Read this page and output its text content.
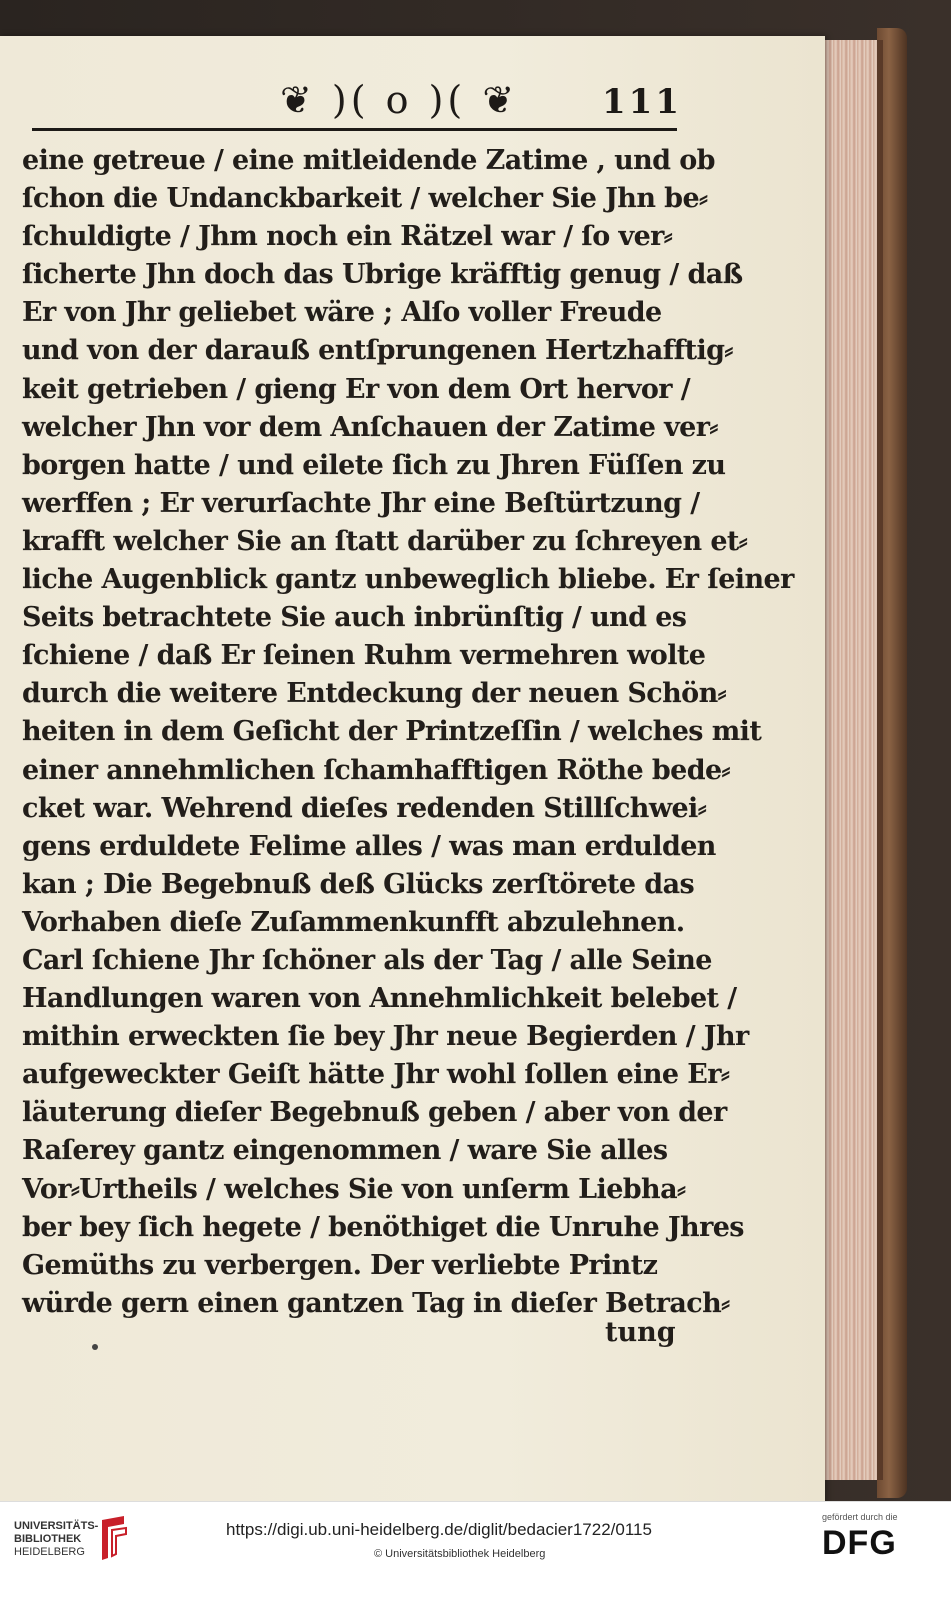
❦ )( o )( ❦ 111
eine getreue / eine mitleidende Zatime , und ob
ſchon die Undanckbarkeit / welcher Sie Jhn be⸗
ſchuldigte / Jhm noch ein Rätzel war / ſo ver⸗
ſicherte Jhn doch das Ubrige kräfftig genug / daß
Er von Jhr geliebet wäre ; Alſo voller Freude
und von der darauß entſprungenen Hertzhafftig⸗
keit getrieben / gieng Er von dem Ort hervor /
welcher Jhn vor dem Anſchauen der Zatime ver⸗
borgen hatte / und eilete ſich zu Jhren Füſſen zu
werffen ; Er verurſachte Jhr eine Beſtürtzung /
krafft welcher Sie an ſtatt darüber zu ſchreyen et⸗
liche Augenblick gantz unbeweglich bliebe. Er ſeiner
Seits betrachtete Sie auch inbrünſtig / und es
ſchiene / daß Er ſeinen Ruhm vermehren wolte
durch die weitere Entdeckung der neuen Schön⸗
heiten in dem Geſicht der Printzeſſin / welches mit
einer annehmlichen ſchamhafftigen Röthe bede⸗
cket war. Wehrend dieſes redenden Stillſchwei⸗
gens erduldete Felime alles / was man erdulden
kan ; Die Begebnuß deß Glücks zerſtörete das
Vorhaben dieſe Zuſammenkunfft abzulehnen.
Carl ſchiene Jhr ſchöner als der Tag / alle Seine
Handlungen waren von Annehmlichkeit belebet /
mithin erweckten ſie bey Jhr neue Begierden / Jhr
aufgeweckter Geiſt hätte Jhr wohl ſollen eine Er⸗
läuterung dieſer Begebnuß geben / aber von der
Raſerey gantz eingenommen / ware Sie alles
Vor⸗Urtheils / welches Sie von unſerm Liebha⸗
ber bey ſich hegete / benöthiget die Unruhe Jhres
Gemüths zu verbergen. Der verliebte Printz
würde gern einen gantzen Tag in dieſer Betrach⸗
tung
UNIVERSITÄTS-
BIBLIOTHEK
HEIDELBERG
https://digi.ub.uni-heidelberg.de/diglit/bedacier1722/0115
© Universitätsbibliothek Heidelberg
gefördert durch die
DFG
